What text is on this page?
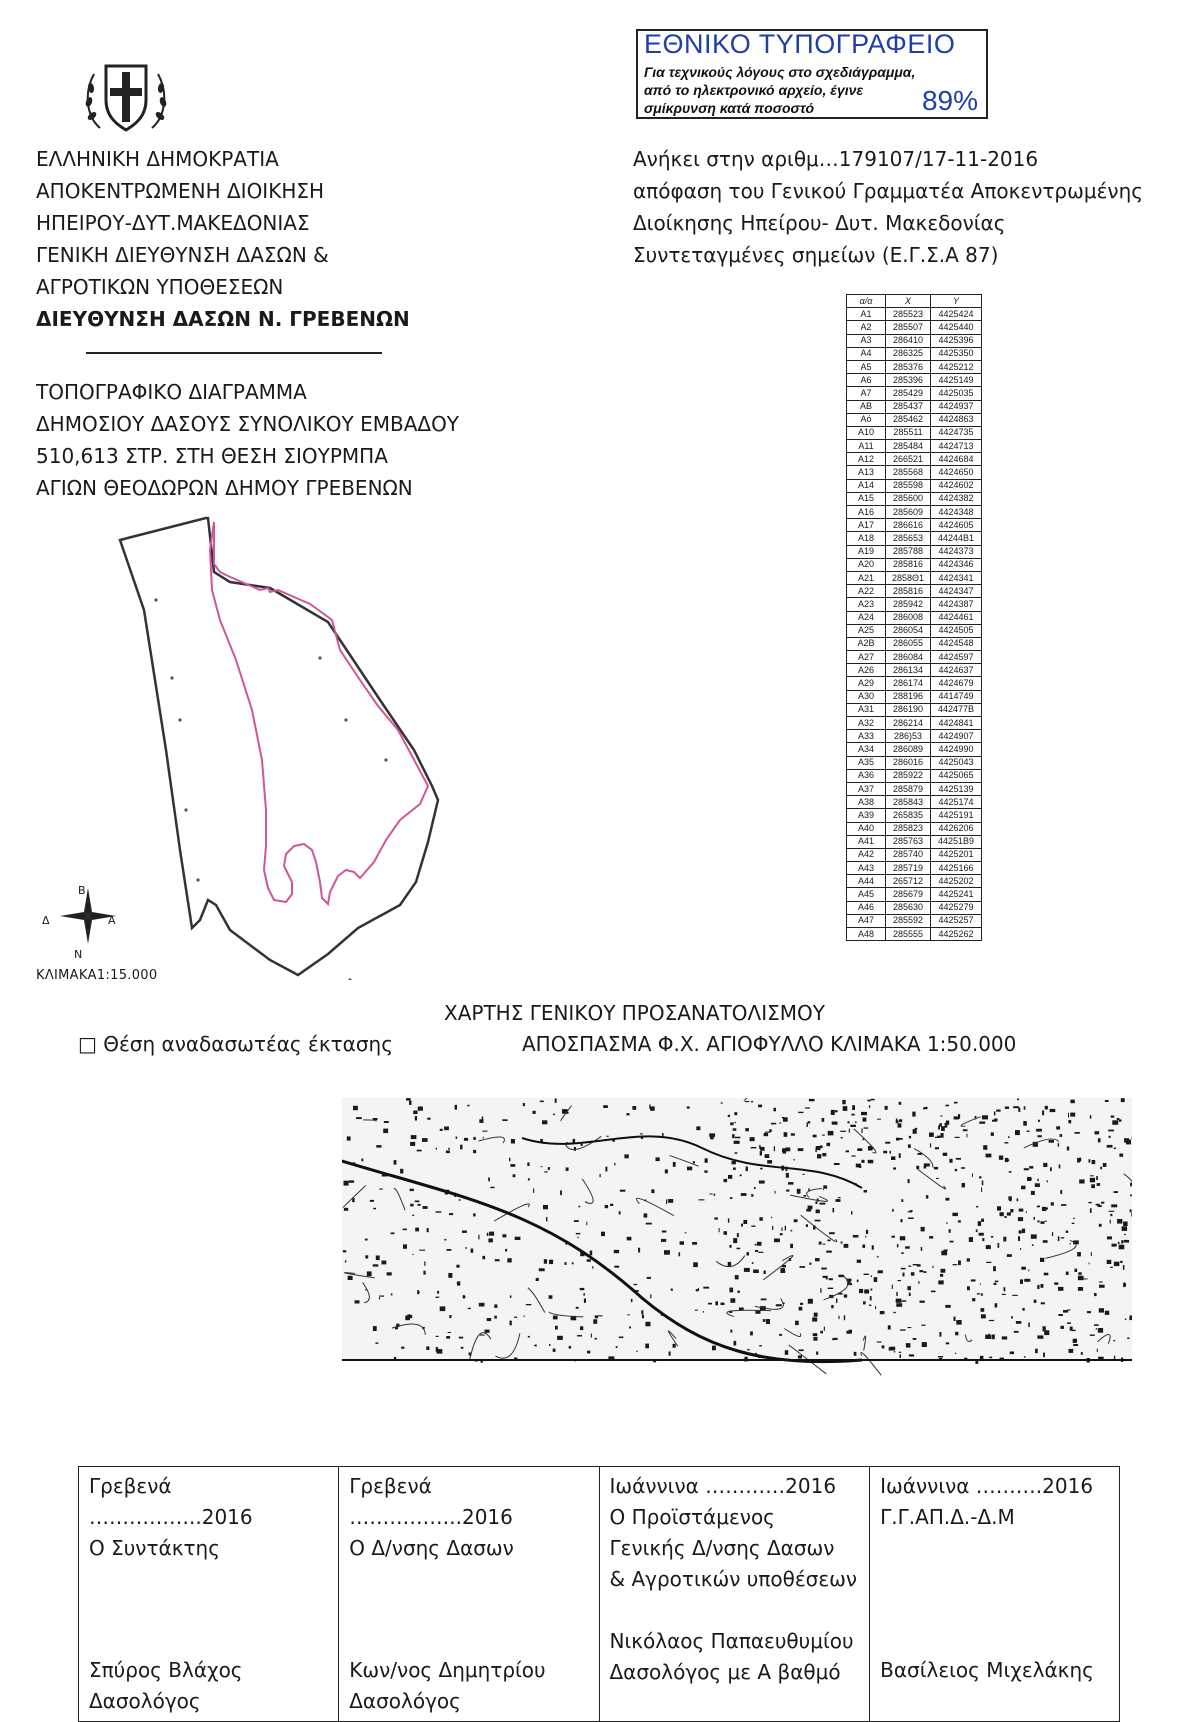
ΕΘΝΙΚΟ ΤΥΠΟΓΡΑΦΕΙΟ
Για τεχνικούς λόγους στο σχεδιάγραμμα,
από το ηλεκτρονικό αρχείο, έγινε
σμίκρυνση κατά ποσοστό	89%
ΕΛΛΗΝΙΚΗ ΔΗΜΟΚΡΑΤΙΑ
ΑΠΟΚΕΝΤΡΩΜΕΝΗ ΔΙΟΙΚΗΣΗ
ΗΠΕΙΡΟΥ-ΔΥΤ.ΜΑΚΕΔΟΝΙΑΣ
ΓΕΝΙΚΗ ΔΙΕΥΘΥΝΣΗ ΔΑΣΩΝ &
ΑΓΡΟΤΙΚΩΝ ΥΠΟΘΕΣΕΩΝ
ΔΙΕΥΘΥΝΣΗ ΔΑΣΩΝ Ν. ΓΡΕΒΕΝΩΝ
ΤΟΠΟΓΡΑΦΙΚΟ ΔΙΑΓΡΑΜΜΑ
ΔΗΜΟΣΙΟΥ ΔΑΣΟΥΣ ΣΥΝΟΛΙΚΟΥ ΕΜΒΑΔΟΥ
510,613 ΣΤΡ. ΣΤΗ ΘΕΣΗ ΣΙΟΥΡΜΠΑ
ΑΓΙΩΝ ΘΕΟΔΩΡΩΝ ΔΗΜΟΥ ΓΡΕΒΕΝΩΝ
Ανήκει στην αριθμ…179107/17-11-2016
απόφαση του Γενικού Γραμματέα Αποκεντρωμένης
Διοίκησης Ηπείρου- Δυτ. Μακεδονίας
Συντεταγμένες σημείων (Ε.Γ.Σ.Α 87)
α/α	X	Y
Α1	285523	4425424
Α2	285507	4425440
Α3	286410	4425396
Α4	286325	4425350
Α5	285376	4425212
Α6	285396	4425149
Α7	285429	4425035
ΑΒ	285437	4424937
Αό	285462	4424863
Α10	285511	4424735
Α11	285484	4424713
Α12	266521	4424684
Α13	285568	4424650
Α14	285598	4424602
Α15	285600	4424382
Α16	285609	4424348
Α17	286616	4424605
Α18	285653	44244Β1
Α19	285788	4424373
Α20	285816	4424346
Α21	2858Θ1	4424341
Α22	285816	4424347
Α23	285942	4424387
Α24	286008	4424461
Α25	286054	4424505
Α2Β	286055	4424548
Α27	286084	4424597
Α26	286134	4424637
Α29	286174	4424679
Α30	288196	4414749
Α31	286190	442477Β
Α32	286214	4424841
Α33	286)53	4424907
Α34	286089	4424990
Α35	286016	4425043
Α36	285922	4425065
Α37	285879	4425139
Α38	285843	4425174
Α39	265835	4425191
Α40	285823	4426206
Α41	285763	44251Β9
Α42	285740	4425201
Α43	285719	4425166
Α44	265712	4425202
Α45	285679	4425241
Α46	285630	4425279
Α47	285592	4425257
Α48	285555	4425262
Β
Δ	Α
Ν
ΚΛΙΜΑΚΑ1:15.000
□ Θέση αναδασωτέας έκτασης
ΧΑΡΤΗΣ ΓΕΝΙΚΟΥ ΠΡΟΣΑΝΑΤΟΛΙΣΜΟΥ
ΑΠΟΣΠΑΣΜΑ Φ.Χ. ΑΓΙΟΦΥΛΛΟ ΚΛΙΜΑΚΑ 1:50.000
Γρεβενά ……………..2016
Ο Συντάκτης
Σπύρος Βλάχος
Δασολόγος

Γρεβενά ……………..2016
Ο Δ/νσης Δασων
Κων/νος Δημητρίου
Δασολόγος

Ιωάννινα …………2016
Ο Προϊστάμενος
Γενικής Δ/νσης Δασων
& Αγροτικών υποθέσεων
Νικόλαος Παπαευθυμίου
Δασολόγος με Α βαθμό

Ιωάννινα ……….2016
Γ.Γ.ΑΠ.Δ.-Δ.Μ
Βασίλειος Μιχελάκης
